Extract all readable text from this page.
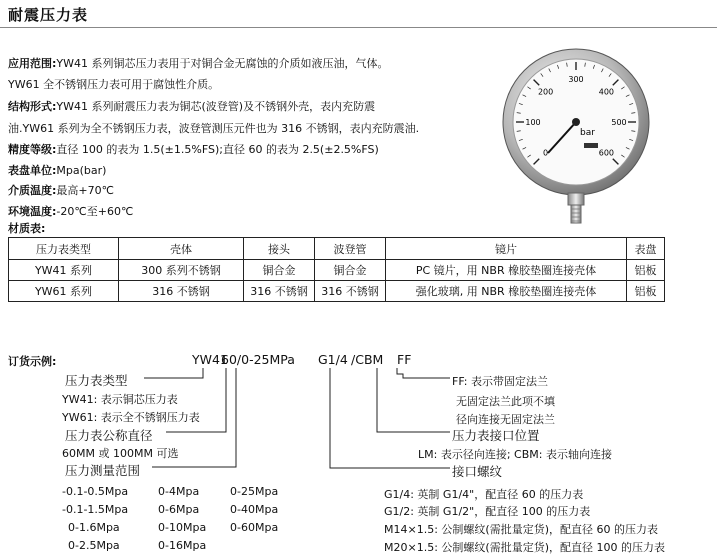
耐震压力表
应用范围:YW41 系列铜芯压力表用于对铜合金无腐蚀的介质如液压油，气体。
YW61 全不锈钢压力表可用于腐蚀性介质。
结构形式:YW41 系列耐震压力表为铜芯(波登管)及不锈钢外壳，表内充防震
油.YW61 系列为全不锈钢压力表，波登管测压元件也为 316 不锈钢，表内充防震油.
精度等级:直径 100 的表为 1.5(±1.5%FS);直径 60 的表为 2.5(±2.5%FS)
表盘单位:Mpa(bar)
介质温度:最高+70℃
环境温度:-20℃至+60℃
材质表:
0
100
200
300
400
500
600
bar
压力表类型	壳体	接头	波登管	镜片	表盘
YW41 系列	300 系列不锈钢	铜合金	铜合金	PC 镜片，用 NBR 橡胶垫圈连接壳体	铝板
YW61 系列	316 不锈钢	316 不锈钢	316 不锈钢	强化玻璃, 用 NBR 橡胶垫圈连接壳体	铝板
订货示例:	YW41
60/0-25MPa G1/4 /CBM FF
压力表类型
YW41: 表示铜芯压力表
YW61: 表示全不锈钢压力表
压力表公称直径
60MM 或 100MM 可选
压力测量范围
-0.1-0.5Mpa	0-4Mpa	0-25Mpa
-0.1-1.5Mpa	0-6Mpa	0-40Mpa
0-1.6Mpa	0-10Mpa 0-60Mpa
0-2.5Mpa	0-16Mpa
FF: 表示带固定法兰
无固定法兰此项不填
径向连接无固定法兰
压力表接口位置
LM: 表示径向连接; CBM: 表示轴向连接
接口螺纹
G1/4: 英制 G1/4"，配直径 60 的压力表
G1/2: 英制 G1/2"，配直径 100 的压力表
M14×1.5: 公制螺纹(需批量定货)，配直径 60 的压力表
M20×1.5: 公制螺纹(需批量定货)，配直径 100 的压力表
